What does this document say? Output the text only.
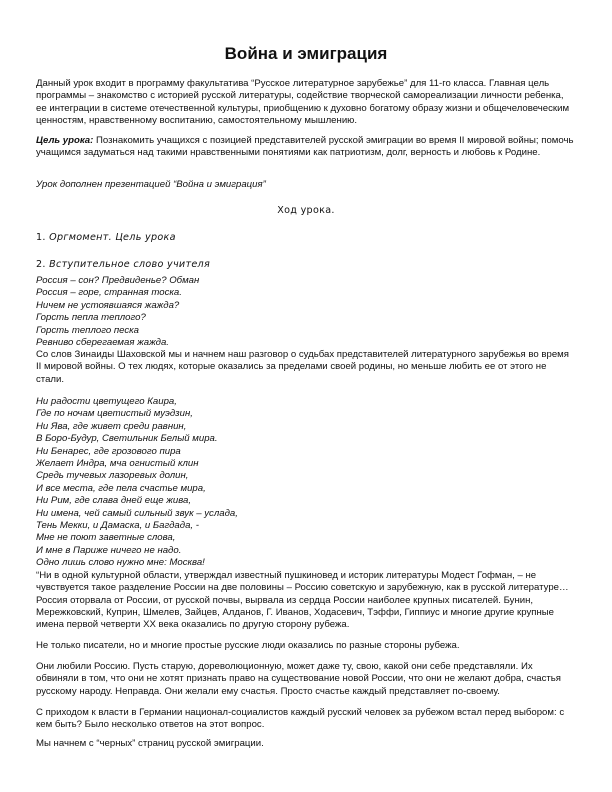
Война и эмиграция

Данный урок входит в программу факультатива “Русское литературное зарубежье” для 11-го класса. Главная цель программы – знакомство с историей русской литературы, содействие творческой самореализации личности ребенка, ее интеграции в системе отечественной культуры, приобщению к духовно богатому образу жизни и общечеловеческим ценностям, нравственному воспитанию, самостоятельному мышлению.

Цель урока: Познакомить учащихся с позицией представителей русской эмиграции во время II мировой войны; помочь учащимся задуматься над такими нравственными понятиями как патриотизм, долг, верность и любовь к Родине.

Урок дополнен презентацией “Война и эмиграция”

Ход урока.

1. Оргмомент. Цель урока

2. Вступительное слово учителя

Россия – сон? Предвиденье? Обман
Россия – горе, странная тоска.
Ничем не устоявшаяся жажда?
Горсть пепла теплого?
Горсть теплого песка
Ревниво сберегаемая жажда.

Со слов Зинаиды Шаховской мы и начнем наш разговор о судьбах представителей литературного зарубежья во время II мировой войны. О тех людях, которые оказались за пределами своей родины, но меньше любить ее от этого не стали.

Ни радости цветущего Каира,
Где по ночам цветистый муэдзин,
Ни Ява, где живет среди равнин,
В Боро-Будур, Светильник Белый мира.
Ни Бенарес, где грозового пира
Желает Индра, мча огнистый клин
Средь тучевых лазоревых долин,
И все места, где пела счастье мира,
Ни Рим, где слава дней еще жива,
Ни имена, чей самый сильный звук – услада,
Тень Мекки, и Дамаска, и Багдада, -
Мне не поют заветные слова,
И мне в Париже ничего не надо.
Одно лишь слово нужно мне: Москва!

“Ни в одной культурной области, утверждал известный пушкиновед и историк литературы Модест Гофман, – не чувствуется такое разделение России на две половины – Россию советскую и зарубежную, как в русской литературе… Россия оторвала от России, от русской почвы, вырвала из сердца России наиболее крупных писателей. Бунин, Мережковский, Куприн, Шмелев, Зайцев, Алданов, Г. Иванов, Ходасевич, Тэффи, Гиппиус и многие другие крупные имена первой четверти XX века оказались по другую сторону рубежа.

Не только писатели, но и многие простые русские люди оказались по разные стороны рубежа.

Они любили Россию. Пусть старую, дореволюционную, может даже ту, свою, какой они себе представляли. Их обвиняли в том, что они не хотят признать право на существование новой России, что они не желают добра, счастья русскому народу. Неправда. Они желали ему счастья. Просто счастье каждый представляет по-своему.

С приходом к власти в Германии национал-социалистов каждый русский человек за рубежом встал перед выбором: с кем быть? Было несколько ответов на этот вопрос.

Мы начнем с “черных” страниц русской эмиграции.
